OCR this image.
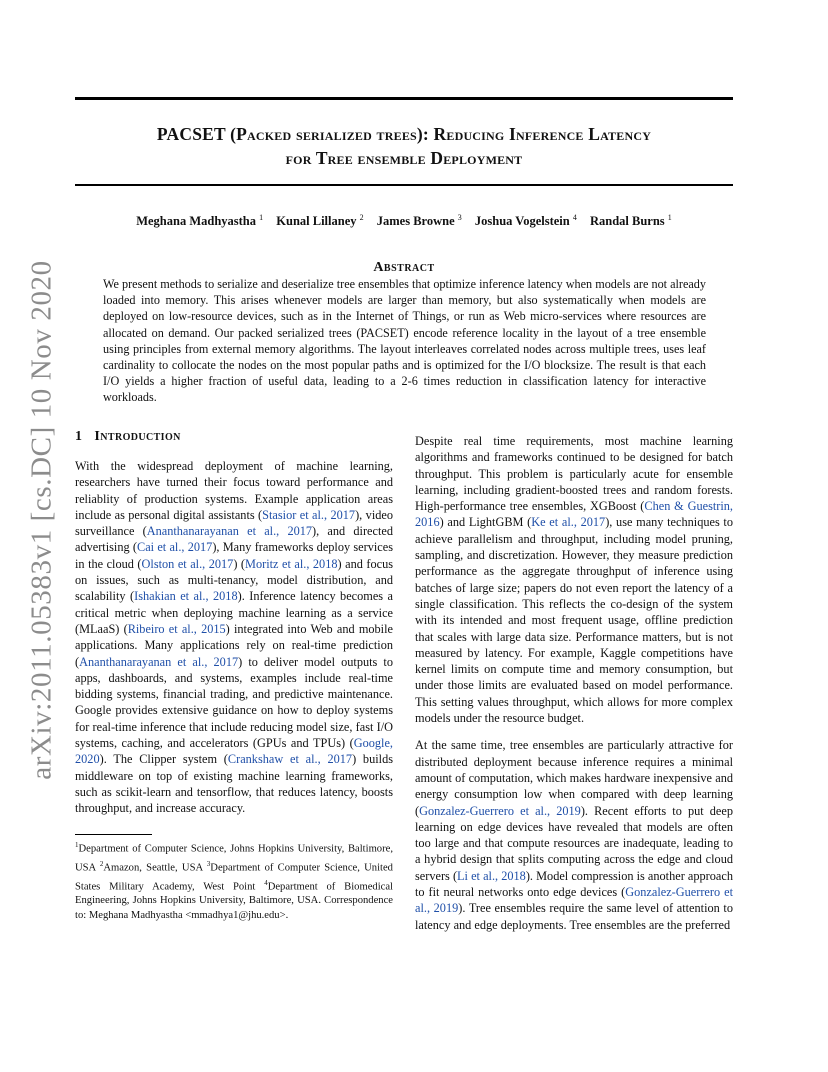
arXiv:2011.05383v1 [cs.DC] 10 Nov 2020
PACSET (Packed serialized trees): Reducing Inference Latency
for Tree ensemble Deployment
Meghana Madhyastha $^1$ Kunal Lillaney $^2$ James Browne $^3$ Joshua Vogelstein $^4$ Randal Burns $^1$
Abstract
We present methods to serialize and deserialize tree ensembles that optimize inference latency when models are not already loaded into memory. This arises whenever models are larger than memory, but also systematically when models are deployed on low-resource devices, such as in the Internet of Things, or run as Web micro-services where resources are allocated on demand. Our packed serialized trees (PACSET) encode reference locality in the layout of a tree ensemble using principles from external memory algorithms. The layout interleaves correlated nodes across multiple trees, uses leaf cardinality to collocate the nodes on the most popular paths and is optimized for the I/O blocksize. The result is that each I/O yields a higher fraction of useful data, leading to a 2-6 times reduction in classification latency for interactive workloads.
1 Introduction

With the widespread deployment of machine learning, researchers have turned their focus toward performance and reliablity of production systems. Example application areas include as personal digital assistants (Stasior et al., 2017), video surveillance (Ananthanarayanan et al., 2017), and directed advertising (Cai et al., 2017), Many frameworks deploy services in the cloud (Olston et al., 2017) (Moritz et al., 2018) and focus on issues, such as multi-tenancy, model distribution, and scalability (Ishakian et al., 2018). Inference latency becomes a critical metric when deploying machine learning as a service (MLaaS) (Ribeiro et al., 2015) integrated into Web and mobile applications. Many applications rely on real-time prediction (Ananthanarayanan et al., 2017) to deliver model outputs to apps, dashboards, and systems, examples include real-time bidding systems, financial trading, and predictive maintenance. Google provides extensive guidance on how to deploy systems for real-time inference that include reducing model size, fast I/O systems, caching, and accelerators (GPUs and TPUs) (Google, 2020). The Clipper system (Crankshaw et al., 2017) builds middleware on top of existing machine learning frameworks, such as scikit-learn and tensorflow, that reduces latency, boosts throughput, and increase accuracy.

$^1$Department of Computer Science, Johns Hopkins University, Baltimore, USA $^2$Amazon, Seattle, USA $^3$Department of Computer Science, United States Military Academy, West Point $^4$Department of Biomedical Engineering, Johns Hopkins University, Baltimore, USA. Correspondence to: Meghana Madhyastha <mmadhya1@jhu.edu>.

Despite real time requirements, most machine learning algorithms and frameworks continued to be designed for batch throughput. This problem is particularly acute for ensemble learning, including gradient-boosted trees and random forests. High-performance tree ensembles, XGBoost (Chen & Guestrin, 2016) and LightGBM (Ke et al., 2017), use many techniques to achieve parallelism and throughput, including model pruning, sampling, and discretization. However, they measure prediction performance as the aggregate throughput of inference using batches of large size; papers do not even report the latency of a single classification. This reflects the co-design of the system with its intended and most frequent usage, offline prediction that scales with large data size. Performance matters, but is not measured by latency. For example, Kaggle competitions have kernel limits on compute time and memory consumption, but under those limits are evaluated based on model performance. This setting values throughput, which allows for more complex models under the resource budget.

At the same time, tree ensembles are particularly attractive for distributed deployment because inference requires a minimal amount of computation, which makes hardware inexpensive and energy consumption low when compared with deep learning (Gonzalez-Guerrero et al., 2019). Recent efforts to put deep learning on edge devices have revealed that models are often too large and that compute resources are inadequate, leading to a hybrid design that splits computing across the edge and cloud servers (Li et al., 2018). Model compression is another approach to fit neural networks onto edge devices (Gonzalez-Guerrero et al., 2019). Tree ensembles require the same level of attention to latency and edge deployments. Tree ensembles are the preferred
